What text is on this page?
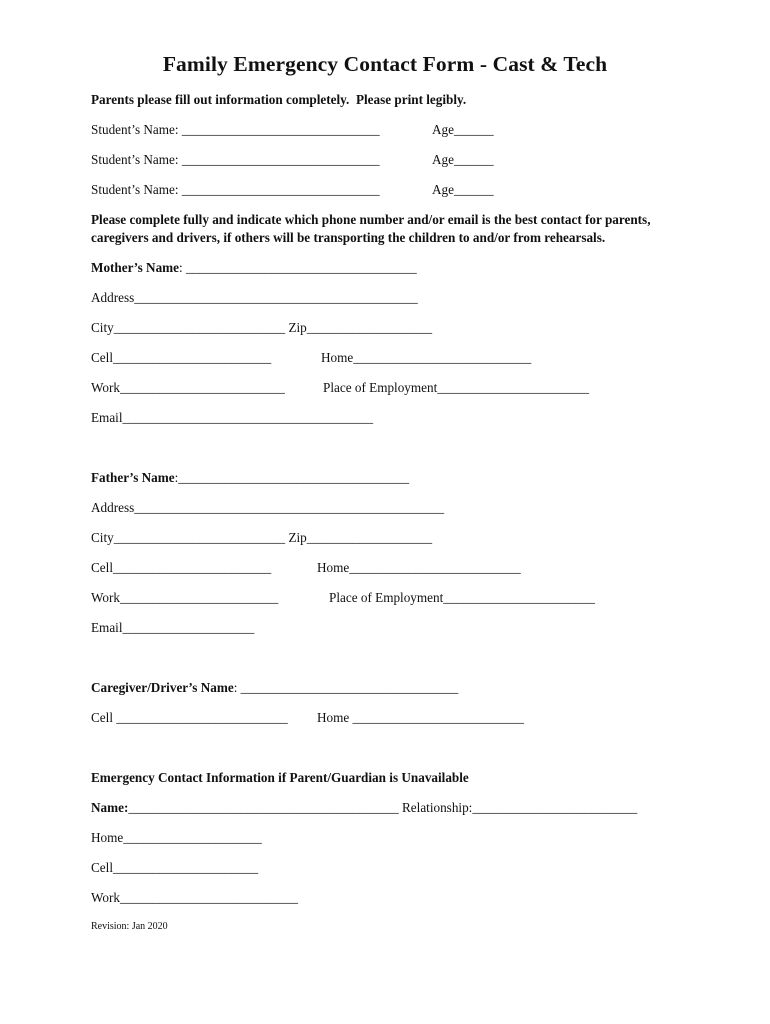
Family Emergency Contact Form - Cast & Tech
Parents please fill out information completely.  Please print legibly.
Student’s Name: ______________________________	Age______
Student’s Name: ______________________________	Age______
Student’s Name: ______________________________	Age______
Please complete fully and indicate which phone number and/or email is the best contact for parents,
caregivers and drivers, if others will be transporting the children to and/or from rehearsals.
Mother’s Name: ___________________________________
Address___________________________________________
City__________________________ Zip___________________
Cell________________________	Home___________________________
Work_________________________	Place of Employment_______________________
Email______________________________________
Father’s Name:___________________________________
Address_______________________________________________
City__________________________ Zip___________________
Cell________________________	Home__________________________
Work________________________	Place of Employment_______________________
Email____________________
Caregiver/Driver’s Name: _________________________________
Cell __________________________ Home __________________________
Emergency Contact Information if Parent/Guardian is Unavailable
Name:_________________________________________ Relationship:_________________________
Home_____________________
Cell______________________
Work___________________________
Revision: Jan 2020
